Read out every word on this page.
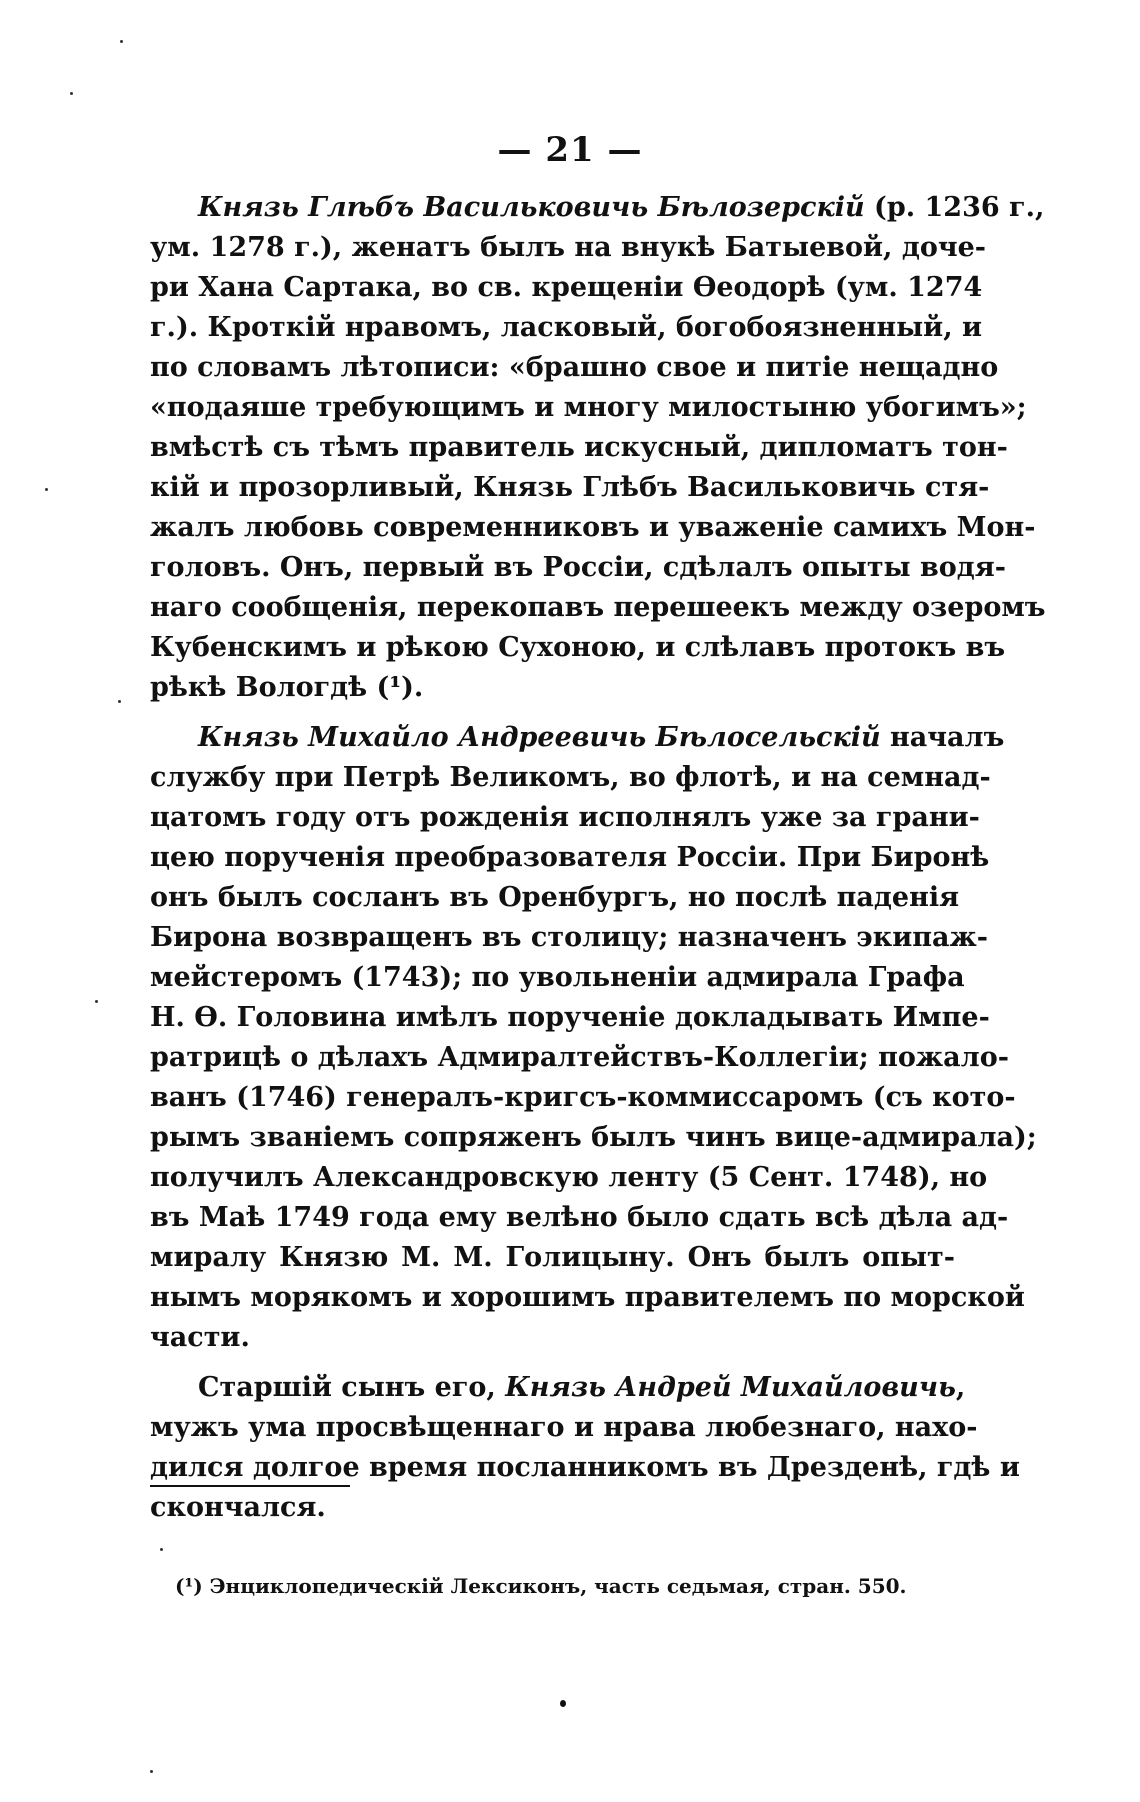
— 21 —
Князь Глѣбъ Васильковичь Бѣлозерскій (р. 1236 г.,
ум. 1278 г.), женатъ былъ на внукѣ Батыевой, доче-
ри Хана Сартака, во св. крещеніи Ѳеодорѣ (ум. 1274
г.). Кроткій нравомъ, ласковый, богобоязненный, и
по словамъ лѣтописи: «брашно свое и питіе нещадно
«подаяше требующимъ и многу милостыню убогимъ»;
вмѣстѣ съ тѣмъ правитель искусный, дипломатъ тон-
кій и прозорливый, Князь Глѣбъ Васильковичь стя-
жалъ любовь современниковъ и уваженіе самихъ Мон-
головъ. Онъ, первый въ Россіи, сдѣлалъ опыты водя-
наго сообщенія, перекопавъ перешеекъ между озеромъ
Кубенскимъ и рѣкою Сухоною, и слѣлавъ протокъ въ
рѣкѣ Вологдѣ (¹).
Князь Михайло Андреевичь Бѣлосельскій началъ
службу при Петрѣ Великомъ, во флотѣ, и на семнад-
цатомъ году отъ рожденія исполнялъ уже за грани-
цею порученія преобразователя Россіи. При Биронѣ
онъ былъ сосланъ въ Оренбургъ, но послѣ паденія
Бирона возвращенъ въ столицу; назначенъ экипаж-
мейстеромъ (1743); по увольненіи адмирала Графа
Н. Ѳ. Головина имѣлъ порученіе докладывать Импе-
ратрицѣ о дѣлахъ Адмиралтействъ-Коллегіи; пожало-
ванъ (1746) генералъ-кригсъ-коммиссаромъ (съ кото-
рымъ званіемъ сопряженъ былъ чинъ вице-адмирала);
получилъ Александровскую ленту (5 Сент. 1748), но
въ Маѣ 1749 года ему велѣно было сдать всѣ дѣла ад-
миралу Князю М. М. Голицыну. Онъ былъ опыт-
нымъ морякомъ и хорошимъ правителемъ по морской
части.
Старшій сынъ его, Князь Андрей Михайловичь,
мужъ ума просвѣщеннаго и нрава любезнаго, нахо-
дился долгое время посланникомъ въ Дрезденѣ, гдѣ и
скончался.
(¹) Энциклопедическій Лексиконъ, часть седьмая, стран. 550.
